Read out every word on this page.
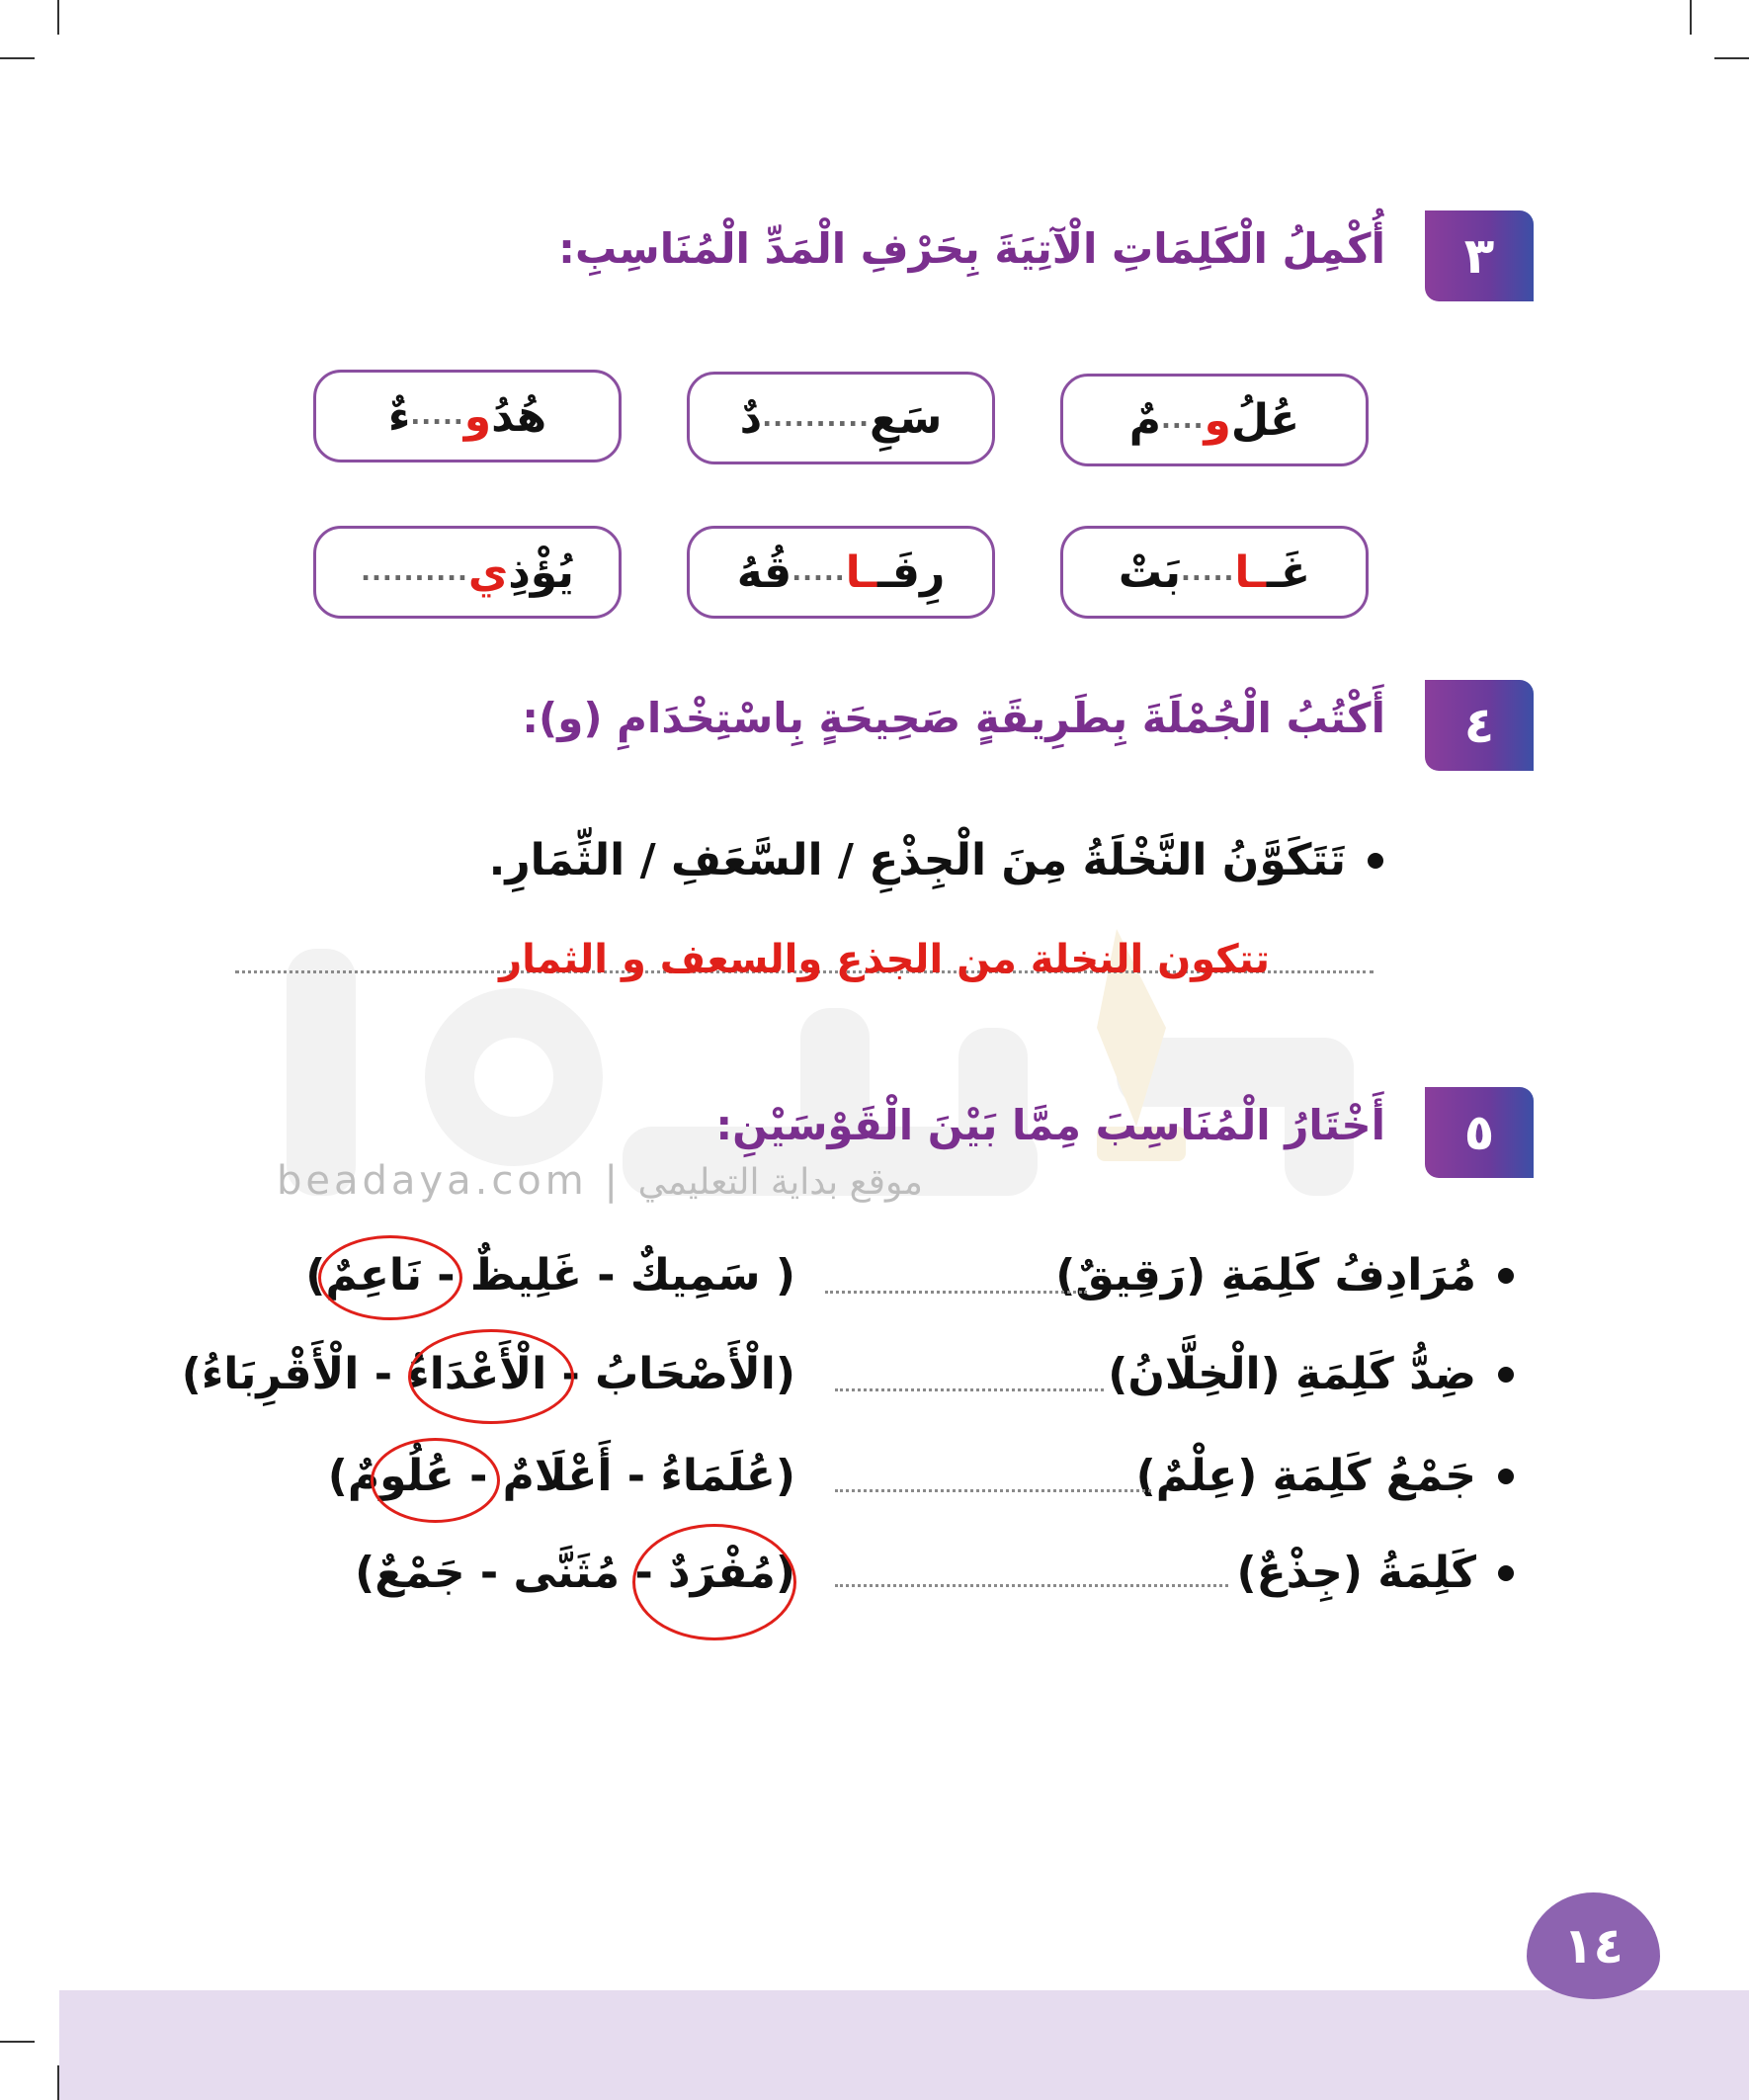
beadaya.com | موقع بداية التعليمي
٣
أُكْمِلُ الْكَلِمَاتِ الْآتِيَةَ بِحَرْفِ الْمَدِّ الْمُنَاسِبِ:
عُلُ
و
....
مٌ
سَعِ
..........
دٌ
هُدُ
و
.....
ءٌ
غَـ
ـا
.....
بَتْ
رِفَـ
ـا
.....
قُهُ
يُؤْذِ
ي
..........
٤
أَكْتُبُ الْجُمْلَةَ بِطَرِيقَةٍ صَحِيحَةٍ بِاسْتِخْدَامِ (و):
تَتَكَوَّنُ النَّخْلَةُ مِنَ الْجِذْعِ / السَّعَفِ / الثِّمَارِ.
تتكون النخلة من الجذع والسعف و الثمار
٥
أَخْتَارُ الْمُنَاسِبَ مِمَّا بَيْنَ الْقَوْسَيْنِ:
مُرَادِفُ كَلِمَةِ (رَقِيقٌ)
( سَمِيكٌ - غَلِيظٌ - نَاعِمٌ)
ضِدُّ كَلِمَةِ (الْخِلَّانُ)
(الْأَصْحَابُ - الْأَعْدَاءُ - الْأَقْرِبَاءُ)
جَمْعُ كَلِمَةِ (عِلْمٌ)
(عُلَمَاءُ - أَعْلَامٌ - عُلُومٌ)
كَلِمَةُ (جِذْعٌ)
(مُفْرَدٌ - مُثَنَّى - جَمْعٌ)
١٤
